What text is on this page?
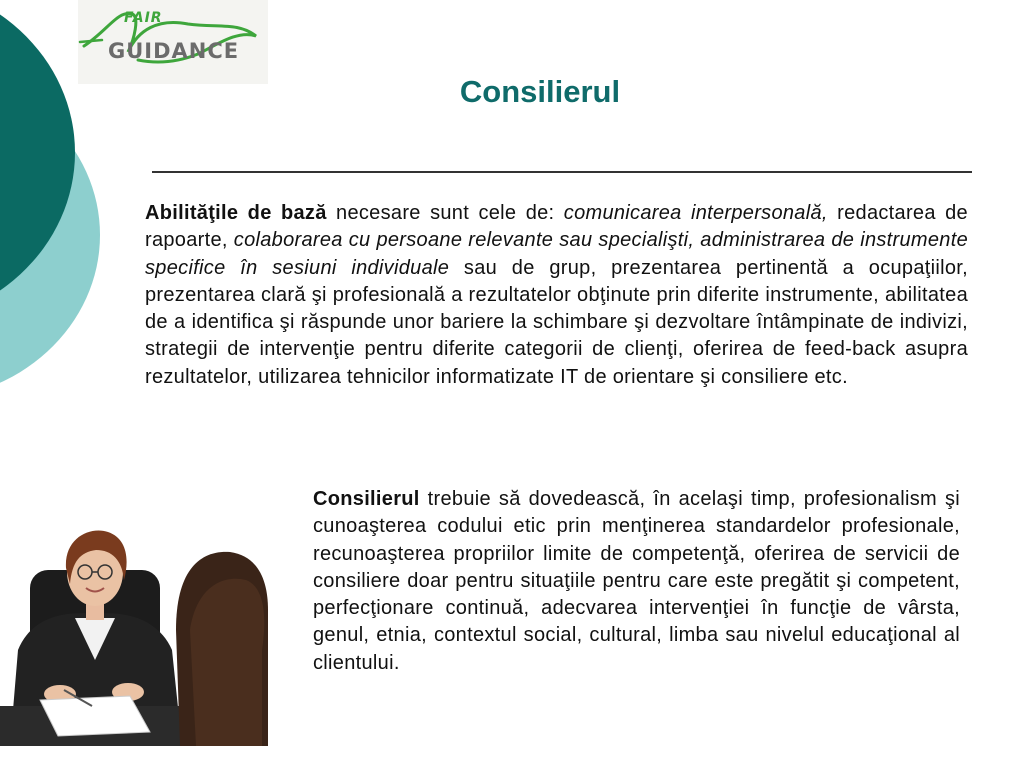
FAIR
GUIDANCE
Consilierul

Abilităţile de bază necesare sunt cele de: comunicarea interpersonală, redactarea de rapoarte, colaborarea cu persoane relevante sau specialişti, administrarea de instrumente specifice în sesiuni individuale sau de grup, prezentarea pertinentă a ocupaţiilor, prezentarea clară şi profesională a rezultatelor obţinute prin diferite instrumente, abilitatea de a identifica şi răspunde unor bariere la schimbare şi dezvoltare întâmpinate de indivizi, strategii de intervenţie pentru diferite categorii de clienţi, oferirea de feed-back asupra rezultatelor, utilizarea tehnicilor informatizate IT de orientare şi consiliere etc.

Consilierul trebuie să dovedească, în acelaşi timp, profesionalism şi cunoaşterea codului etic prin menţinerea standardelor profesionale, recunoaşterea propriilor limite de competenţă, oferirea de servicii de consiliere doar pentru situaţiile pentru care este pregătit şi competent, perfecţionare continuă, adecvarea intervenţiei în funcţie de vârsta, genul, etnia, contextul social, cultural, limba sau nivelul educaţional al clientului.
